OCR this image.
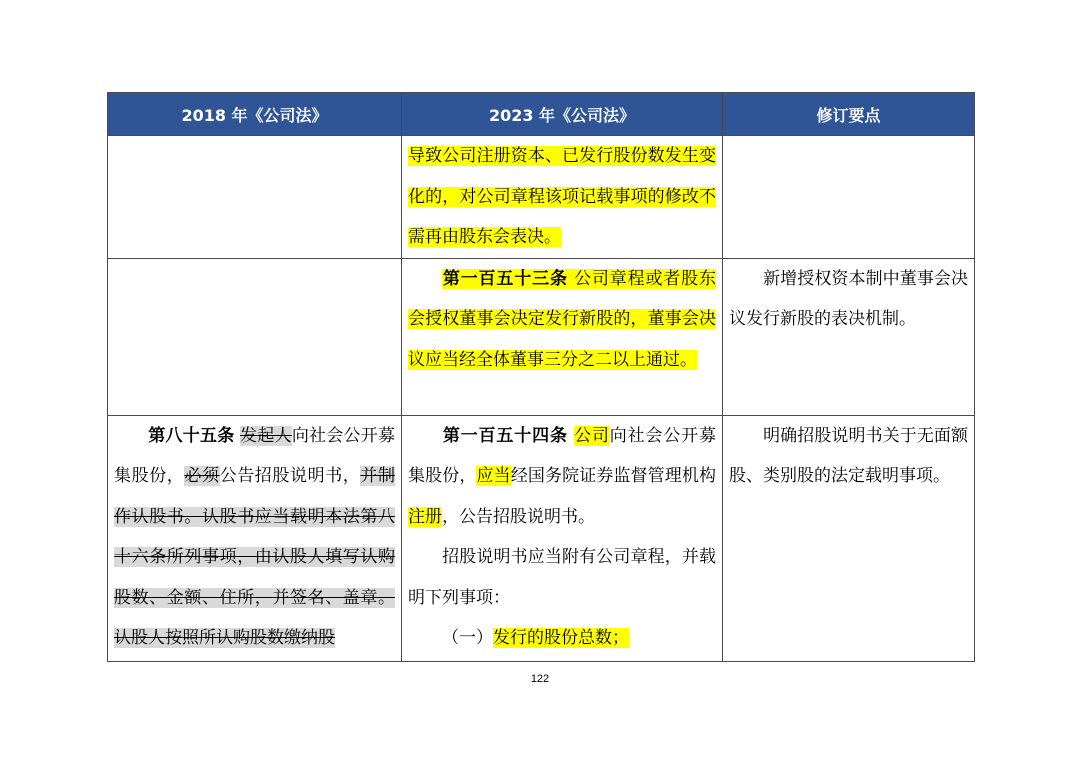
2018 年《公司法》	2023 年《公司法》	修订要点
	导致公司注册资本、已发行股份数发生变化的，对公司章程该项记载事项的修改不需再由股东会表决。	
	第一百五十三条 公司章程或者股东会授权董事会决定发行新股的，董事会决议应当经全体董事三分之二以上通过。	新增授权资本制中董事会决议发行新股的表决机制。
第八十五条 发起人向社会公开募集股份，必须公告招股说明书，并制作认股书。认股书应当载明本法第八十六条所列事项，由认股人填写认购股数、金额、住所，并签名、盖章。认股人按照所认购股数缴纳股	第一百五十四条 公司向社会公开募集股份，应当经国务院证券监督管理机构注册，公告招股说明书。
招股说明书应当附有公司章程，并载明下列事项：
（一）发行的股份总数；	明确招股说明书关于无面额股、类别股的法定载明事项。
122
